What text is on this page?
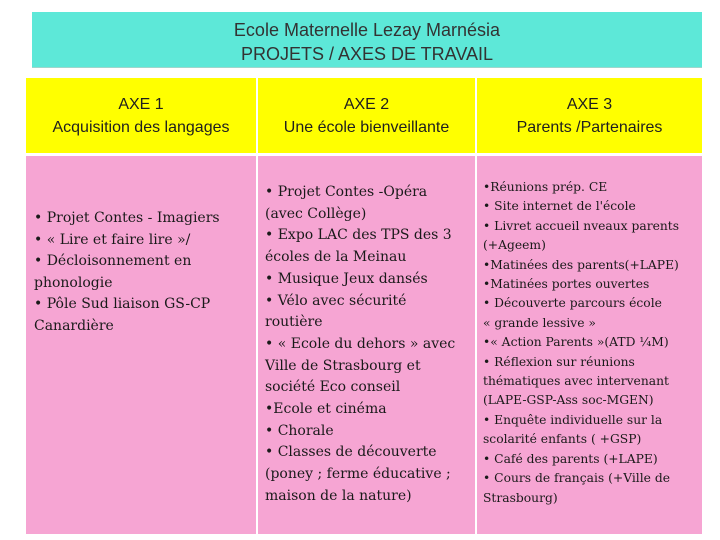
Ecole Maternelle Lezay Marnésia
PROJETS / AXES DE TRAVAIL
AXE 1
Acquisition des langages
AXE 2
Une école bienveillante
AXE 3
Parents /Partenaires
• Projet Contes - Imagiers
• « Lire et faire lire »/
• Décloisonnement en
phonologie
• Pôle Sud liaison GS-CP
Canardière
• Projet Contes -Opéra
(avec Collège)
• Expo LAC des TPS des 3
écoles de la Meinau
• Musique Jeux dansés
• Vélo avec sécurité
routière
• « Ecole du dehors » avec
Ville de Strasbourg et
société Eco conseil
•Ecole et cinéma
• Chorale
• Classes de découverte
(poney ; ferme éducative ;
maison de la nature)
•Réunions prép. CE
• Site internet de l'école
• Livret accueil nveaux parents
(+Ageem)
•Matinées des parents(+LAPE)
•Matinées portes ouvertes
• Découverte parcours école
« grande lessive »
•« Action Parents »(ATD ¼M)
• Réflexion sur réunions
thématiques avec intervenant
(LAPE-GSP-Ass soc-MGEN)
• Enquête individuelle sur la
scolarité enfants ( +GSP)
• Café des parents (+LAPE)
• Cours de français (+Ville de
Strasbourg)
